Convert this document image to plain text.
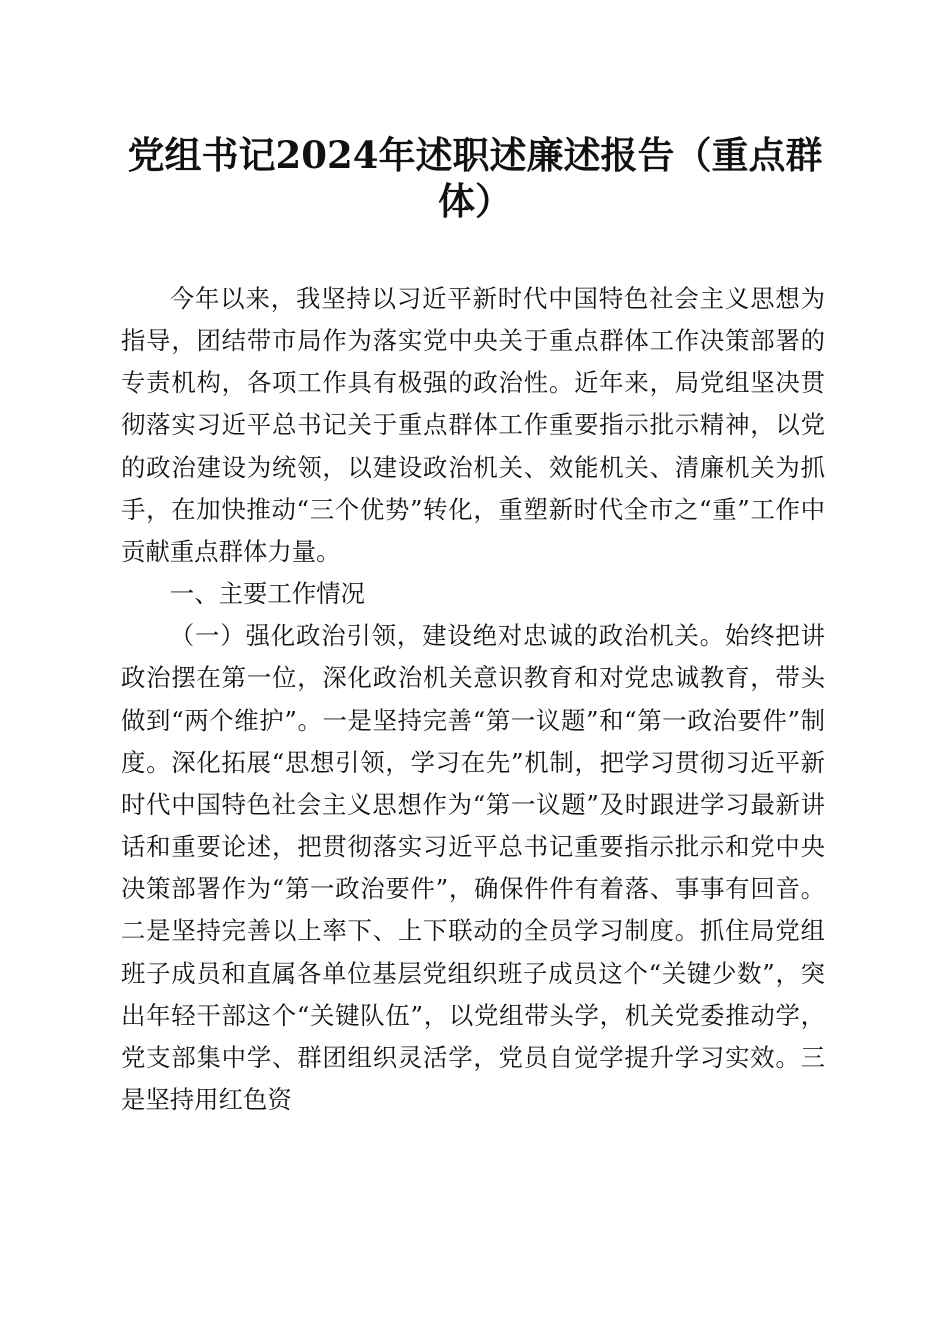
党组书记2024年述职述廉述报告（重点群
体）

今年以来，我坚持以习近平新时代中国特色社会主义思想为指导，团结带市局作为落实党中央关于重点群体工作决策部署的专责机构，各项工作具有极强的政治性。近年来，局党组坚决贯彻落实习近平总书记关于重点群体工作重要指示批示精神，以党的政治建设为统领，以建设政治机关、效能机关、清廉机关为抓手，在加快推动“三个优势”转化，重塑新时代全市之“重”工作中贡献重点群体力量。

一、主要工作情况

（一）强化政治引领，建设绝对忠诚的政治机关。始终把讲政治摆在第一位，深化政治机关意识教育和对党忠诚教育，带头做到“两个维护”。一是坚持完善“第一议题”和“第一政治要件”制度。深化拓展“思想引领，学习在先”机制，把学习贯彻习近平新时代中国特色社会主义思想作为“第一议题”及时跟进学习最新讲话和重要论述，把贯彻落实习近平总书记重要指示批示和党中央决策部署作为“第一政治要件”，确保件件有着落、事事有回音。二是坚持完善以上率下、上下联动的全员学习制度。抓住局党组班子成员和直属各单位基层党组织班子成员这个“关键少数”，突出年轻干部这个“关键队伍”，以党组带头学，机关党委推动学，党支部集中学、群团组织灵活学，党员自觉学提升学习实效。三是坚持用红色资
